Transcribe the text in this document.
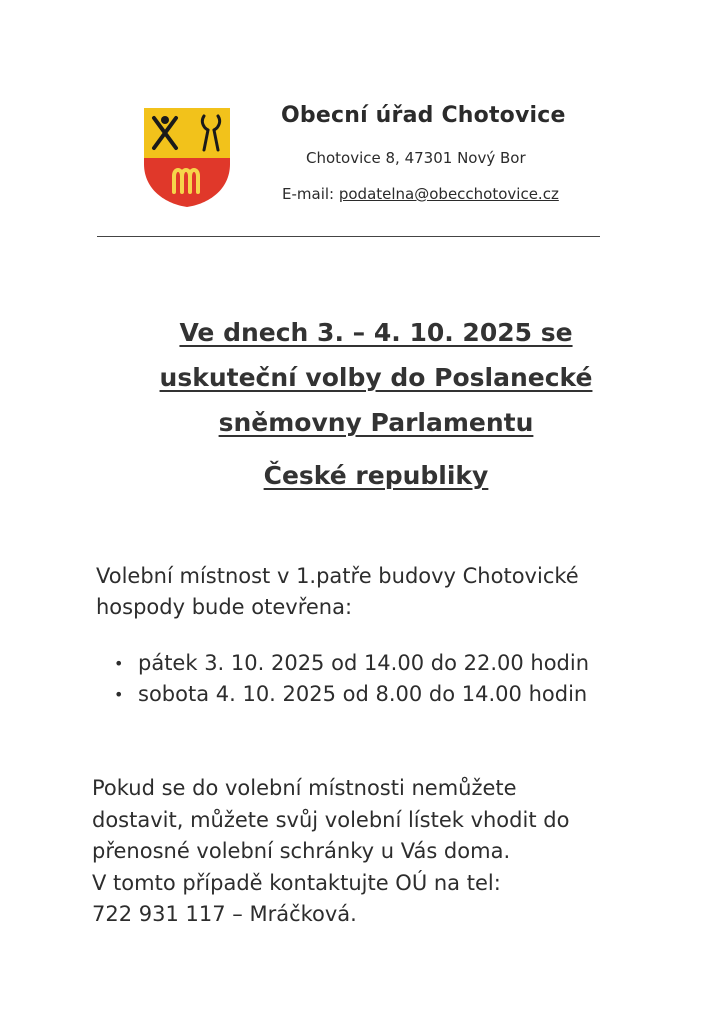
Obecní úřad Chotovice
Chotovice 8, 47301 Nový Bor
E-mail: podatelna@obecchotovice.cz
Ve dnech 3. – 4. 10. 2025 se
uskuteční volby do Poslanecké
sněmovny Parlamentu
České republiky
Volební místnost v 1.patře budovy Chotovické
hospody bude otevřena:
• pátek 3. 10. 2025 od 14.00 do 22.00 hodin
• sobota 4. 10. 2025 od 8.00 do 14.00 hodin
Pokud se do volební místnosti nemůžete
dostavit, můžete svůj volební lístek vhodit do
přenosné volební schránky u Vás doma.
V tomto případě kontaktujte OÚ na tel:
722 931 117 – Mráčková.
